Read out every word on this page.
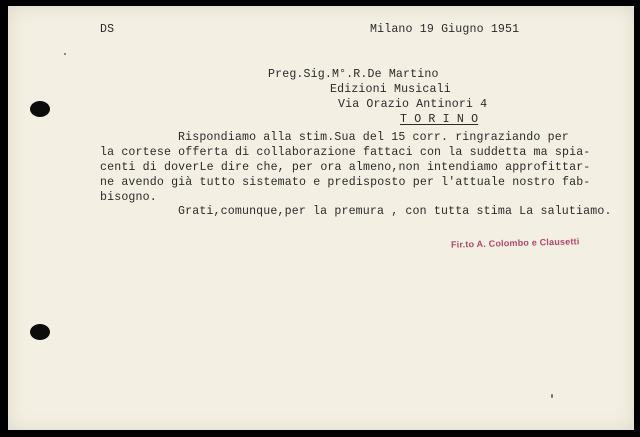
DS	Milano 19 Giugno 1951
Preg.Sig.M°.R.De Martino
Edizioni Musicali
Via Orazio Antinori 4
T O R I N O
Rispondiamo alla stim.Sua del 15 corr. ringraziando per
la cortese offerta di collaborazione fattaci con la suddetta ma spia-
centi di doverLe dire che, per ora almeno,non intendiamo approfittar-
ne avendo già tutto sistemato e predisposto per l'attuale nostro fab-
bisogno.
Grati,comunque,per la premura , con tutta stima La salutiamo.
Fir.to A. Colombo e Clausetti
